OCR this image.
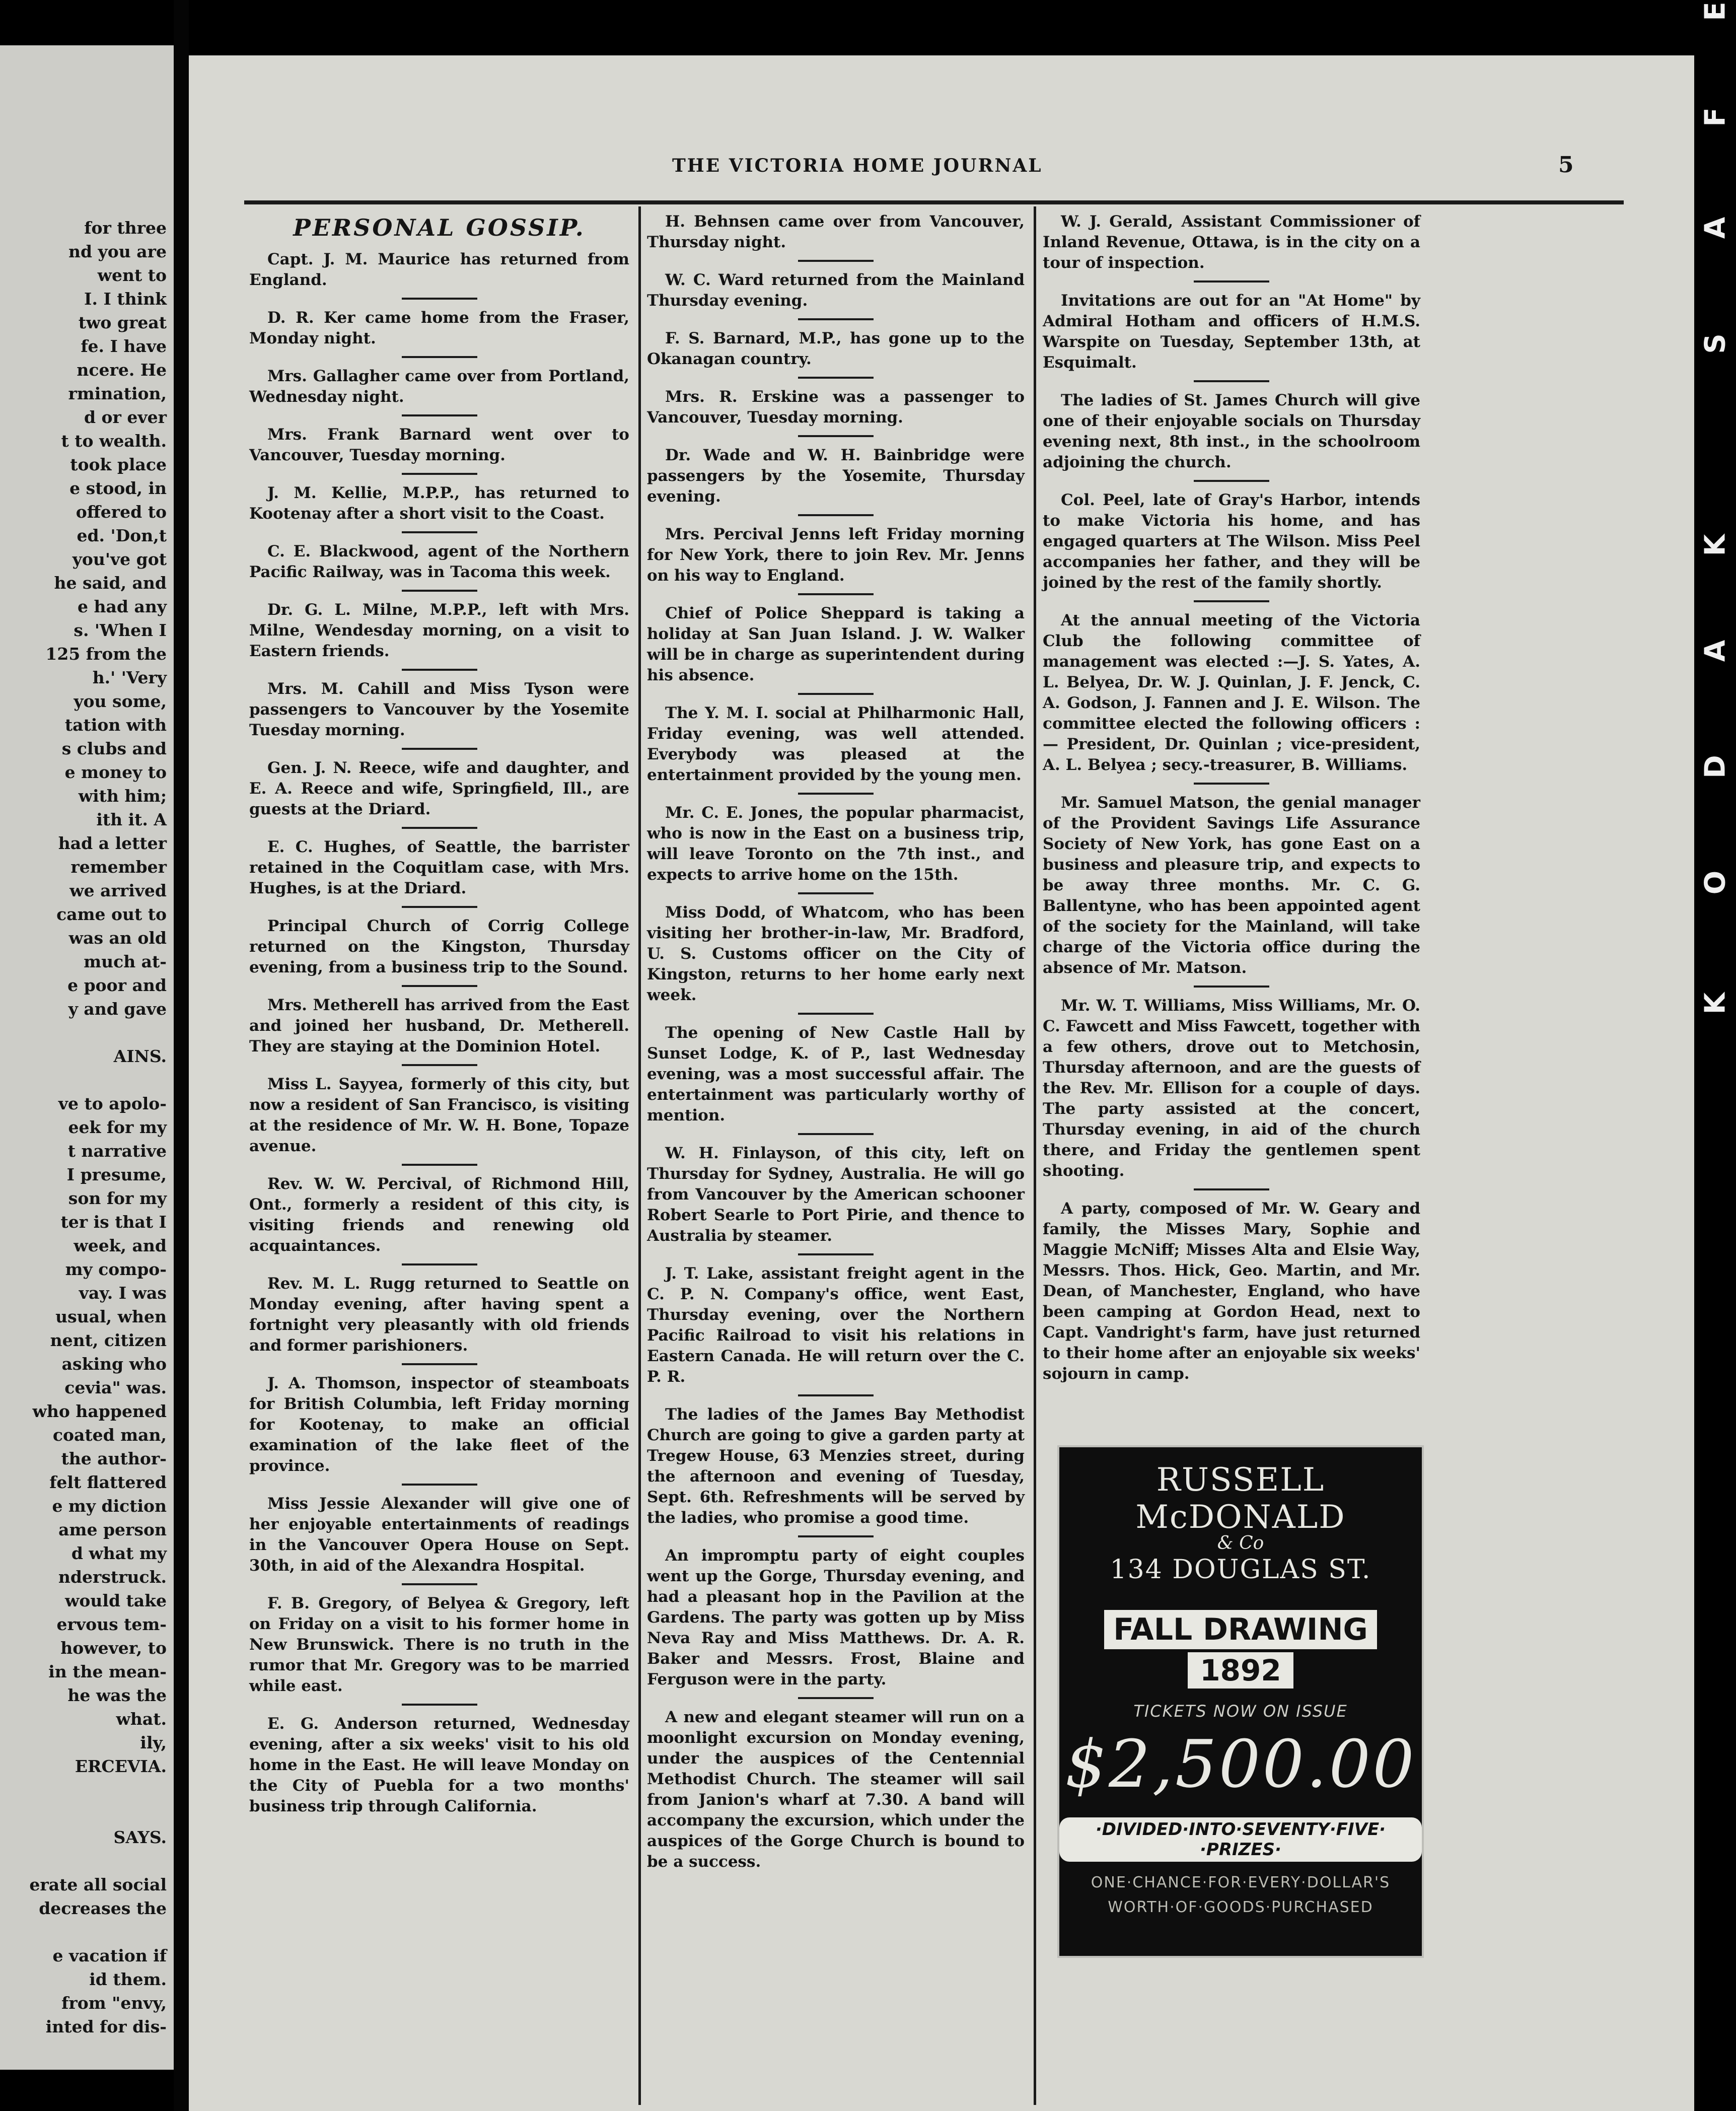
for three
nd you are
went to
I. I think
two great
fe. I have
ncere. He
rmination,
d or ever
t to wealth.
took place
e stood, in
offered to
ed. 'Don,t
you've got
he said, and
e had any
s. 'When I
125 from the
h.' 'Very
you some,
tation with
s clubs and
e money to
with him;
ith it. A
had a letter
remember
we arrived
came out to
was an old
much at-
e poor and
y and gave
AINS.
ve to apolo-
eek for my
t narrative
I presume,
son for my
ter is that I
week, and
my compo-
vay. I was
usual, when
nent, citizen
asking who
cevia" was.
who happened
coated man,
the author-
felt flattered
e my diction
ame person
d what my
nderstruck.
would take
ervous tem-
however, to
in the mean-
he was the
what.
ily,
ERCEVIA.
SAYS.
erate all social
decreases the
e vacation if
id them.
from "envy,
inted for dis-
THE VICTORIA HOME JOURNAL	5
PERSONAL GOSSIP.

Capt. J. M. Maurice has returned from England.

D. R. Ker came home from the Fraser, Monday night.

Mrs. Gallagher came over from Portland, Wednesday night.

Mrs. Frank Barnard went over to Vancouver, Tuesday morning.

J. M. Kellie, M.P.P., has returned to Kootenay after a short visit to the Coast.

C. E. Blackwood, agent of the Northern Pacific Railway, was in Tacoma this week.

Dr. G. L. Milne, M.P.P., left with Mrs. Milne, Wendesday morning, on a visit to Eastern friends.

Mrs. M. Cahill and Miss Tyson were passengers to Vancouver by the Yosemite Tuesday morning.

Gen. J. N. Reece, wife and daughter, and E. A. Reece and wife, Springfield, Ill., are guests at the Driard.

E. C. Hughes, of Seattle, the barrister retained in the Coquitlam case, with Mrs. Hughes, is at the Driard.

Principal Church of Corrig College returned on the Kingston, Thursday evening, from a business trip to the Sound.

Mrs. Metherell has arrived from the East and joined her husband, Dr. Metherell. They are staying at the Dominion Hotel.

Miss L. Sayyea, formerly of this city, but now a resident of San Francisco, is visiting at the residence of Mr. W. H. Bone, Topaze avenue.

Rev. W. W. Percival, of Richmond Hill, Ont., formerly a resident of this city, is visiting friends and renewing old acquaintances.

Rev. M. L. Rugg returned to Seattle on Monday evening, after having spent a fortnight very pleasantly with old friends and former parishioners.

J. A. Thomson, inspector of steamboats for British Columbia, left Friday morning for Kootenay, to make an official examination of the lake fleet of the province.

Miss Jessie Alexander will give one of her enjoyable entertainments of readings in the Vancouver Opera House on Sept. 30th, in aid of the Alexandra Hospital.

F. B. Gregory, of Belyea & Gregory, left on Friday on a visit to his former home in New Brunswick. There is no truth in the rumor that Mr. Gregory was to be married while east.

E. G. Anderson returned, Wednesday evening, after a six weeks' visit to his old home in the East. He will leave Monday on the City of Puebla for a two months' business trip through California.

H. Behnsen came over from Vancouver, Thursday night.

W. C. Ward returned from the Mainland Thursday evening.

F. S. Barnard, M.P., has gone up to the Okanagan country.

Mrs. R. Erskine was a passenger to Vancouver, Tuesday morning.

Dr. Wade and W. H. Bainbridge were passengers by the Yosemite, Thursday evening.

Mrs. Percival Jenns left Friday morning for New York, there to join Rev. Mr. Jenns on his way to England.

Chief of Police Sheppard is taking a holiday at San Juan Island. J. W. Walker will be in charge as superintendent during his absence.

The Y. M. I. social at Philharmonic Hall, Friday evening, was well attended. Everybody was pleased at the entertainment provided by the young men.

Mr. C. E. Jones, the popular pharmacist, who is now in the East on a business trip, will leave Toronto on the 7th inst., and expects to arrive home on the 15th.

Miss Dodd, of Whatcom, who has been visiting her brother-in-law, Mr. Bradford, U. S. Customs officer on the City of Kingston, returns to her home early next week.

The opening of New Castle Hall by Sunset Lodge, K. of P., last Wednesday evening, was a most successful affair. The entertainment was particularly worthy of mention.

W. H. Finlayson, of this city, left on Thursday for Sydney, Australia. He will go from Vancouver by the American schooner Robert Searle to Port Pirie, and thence to Australia by steamer.

J. T. Lake, assistant freight agent in the C. P. N. Company's office, went East, Thursday evening, over the Northern Pacific Railroad to visit his relations in Eastern Canada. He will return over the C. P. R.

The ladies of the James Bay Methodist Church are going to give a garden party at Tregew House, 63 Menzies street, during the afternoon and evening of Tuesday, Sept. 6th. Refreshments will be served by the ladies, who promise a good time.

An impromptu party of eight couples went up the Gorge, Thursday evening, and had a pleasant hop in the Pavilion at the Gardens. The party was gotten up by Miss Neva Ray and Miss Matthews. Dr. A. R. Baker and Messrs. Frost, Blaine and Ferguson were in the party.

A new and elegant steamer will run on a moonlight excursion on Monday evening, under the auspices of the Centennial Methodist Church. The steamer will sail from Janion's wharf at 7.30. A band will accompany the excursion, which under the auspices of the Gorge Church is bound to be a success.

W. J. Gerald, Assistant Commissioner of Inland Revenue, Ottawa, is in the city on a tour of inspection.

Invitations are out for an "At Home" by Admiral Hotham and officers of H.M.S. Warspite on Tuesday, September 13th, at Esquimalt.

The ladies of St. James Church will give one of their enjoyable socials on Thursday evening next, 8th inst., in the schoolroom adjoining the church.

Col. Peel, late of Gray's Harbor, intends to make Victoria his home, and has engaged quarters at The Wilson. Miss Peel accompanies her father, and they will be joined by the rest of the family shortly.

At the annual meeting of the Victoria Club the following committee of management was elected :—J. S. Yates, A. L. Belyea, Dr. W. J. Quinlan, J. F. Jenck, C. A. Godson, J. Fannen and J. E. Wilson. The committee elected the following officers :— President, Dr. Quinlan ; vice-president, A. L. Belyea ; secy.-treasurer, B. Williams.

Mr. Samuel Matson, the genial manager of the Provident Savings Life Assurance Society of New York, has gone East on a business and pleasure trip, and expects to be away three months. Mr. C. G. Ballentyne, who has been appointed agent of the society for the Mainland, will take charge of the Victoria office during the absence of Mr. Matson.

Mr. W. T. Williams, Miss Williams, Mr. O. C. Fawcett and Miss Fawcett, together with a few others, drove out to Metchosin, Thursday afternoon, and are the guests of the Rev. Mr. Ellison for a couple of days. The party assisted at the concert, Thursday evening, in aid of the church there, and Friday the gentlemen spent shooting.

A party, composed of Mr. W. Geary and family, the Misses Mary, Sophie and Maggie McNiff; Misses Alta and Elsie Way, Messrs. Thos. Hick, Geo. Martin, and Mr. Dean, of Manchester, England, who have been camping at Gordon Head, next to Capt. Vandright's farm, have just returned to their home after an enjoyable six weeks' sojourn in camp.

RUSSELL McDONALD
& Co
134 DOUGLAS ST.
FALL DRAWING
1892
TICKETS NOW ON ISSUE
$2,500.00
·DIVIDED·INTO·SEVENTY·FIVE· ·PRIZES·
ONE·CHANCE·FOR·EVERY·DOLLAR'S
WORTH·OF·GOODS·PURCHASED
K
O
D
A
K
S
A
F
E
